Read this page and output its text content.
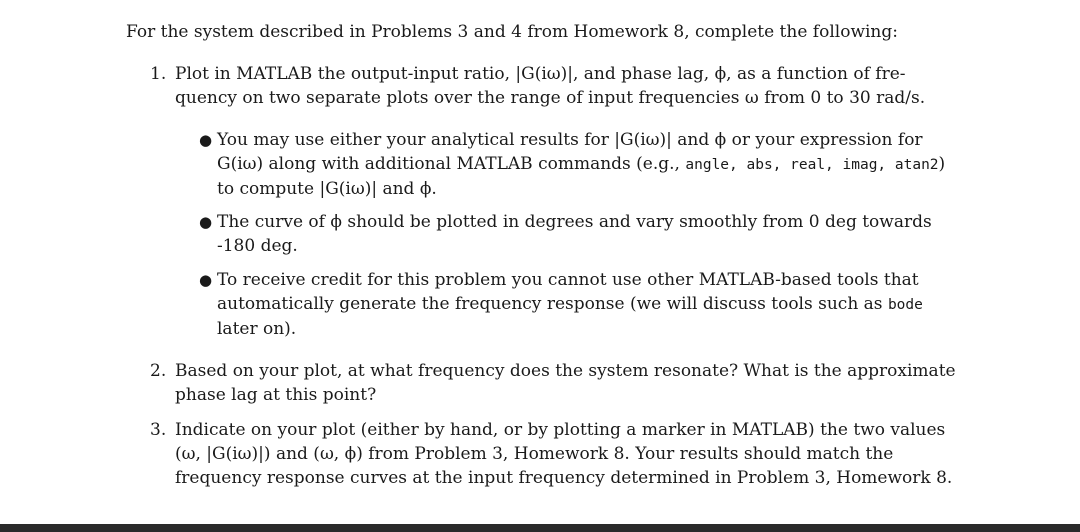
For the system described in Problems 3 and 4 from Homework 8, complete the following:
1. Plot in MATLAB the output-input ratio, |G(iω)|, and phase lag, ϕ, as a function of fre-
quency on two separate plots over the range of input frequencies ω from 0 to 30 rad/s.
● You may use either your analytical results for |G(iω)| and ϕ or your expression for
G(iω) along with additional MATLAB commands (e.g., angle, abs, real, imag, atan2)
to compute |G(iω)| and ϕ.
● The curve of ϕ should be plotted in degrees and vary smoothly from 0 deg towards
-180 deg.
● To receive credit for this problem you cannot use other MATLAB-based tools that
automatically generate the frequency response (we will discuss tools such as bode
later on).
2. Based on your plot, at what frequency does the system resonate? What is the approximate
phase lag at this point?
3. Indicate on your plot (either by hand, or by plotting a marker in MATLAB) the two values
(ω, |G(iω)|) and (ω, ϕ) from Problem 3, Homework 8. Your results should match the
frequency response curves at the input frequency determined in Problem 3, Homework 8.
